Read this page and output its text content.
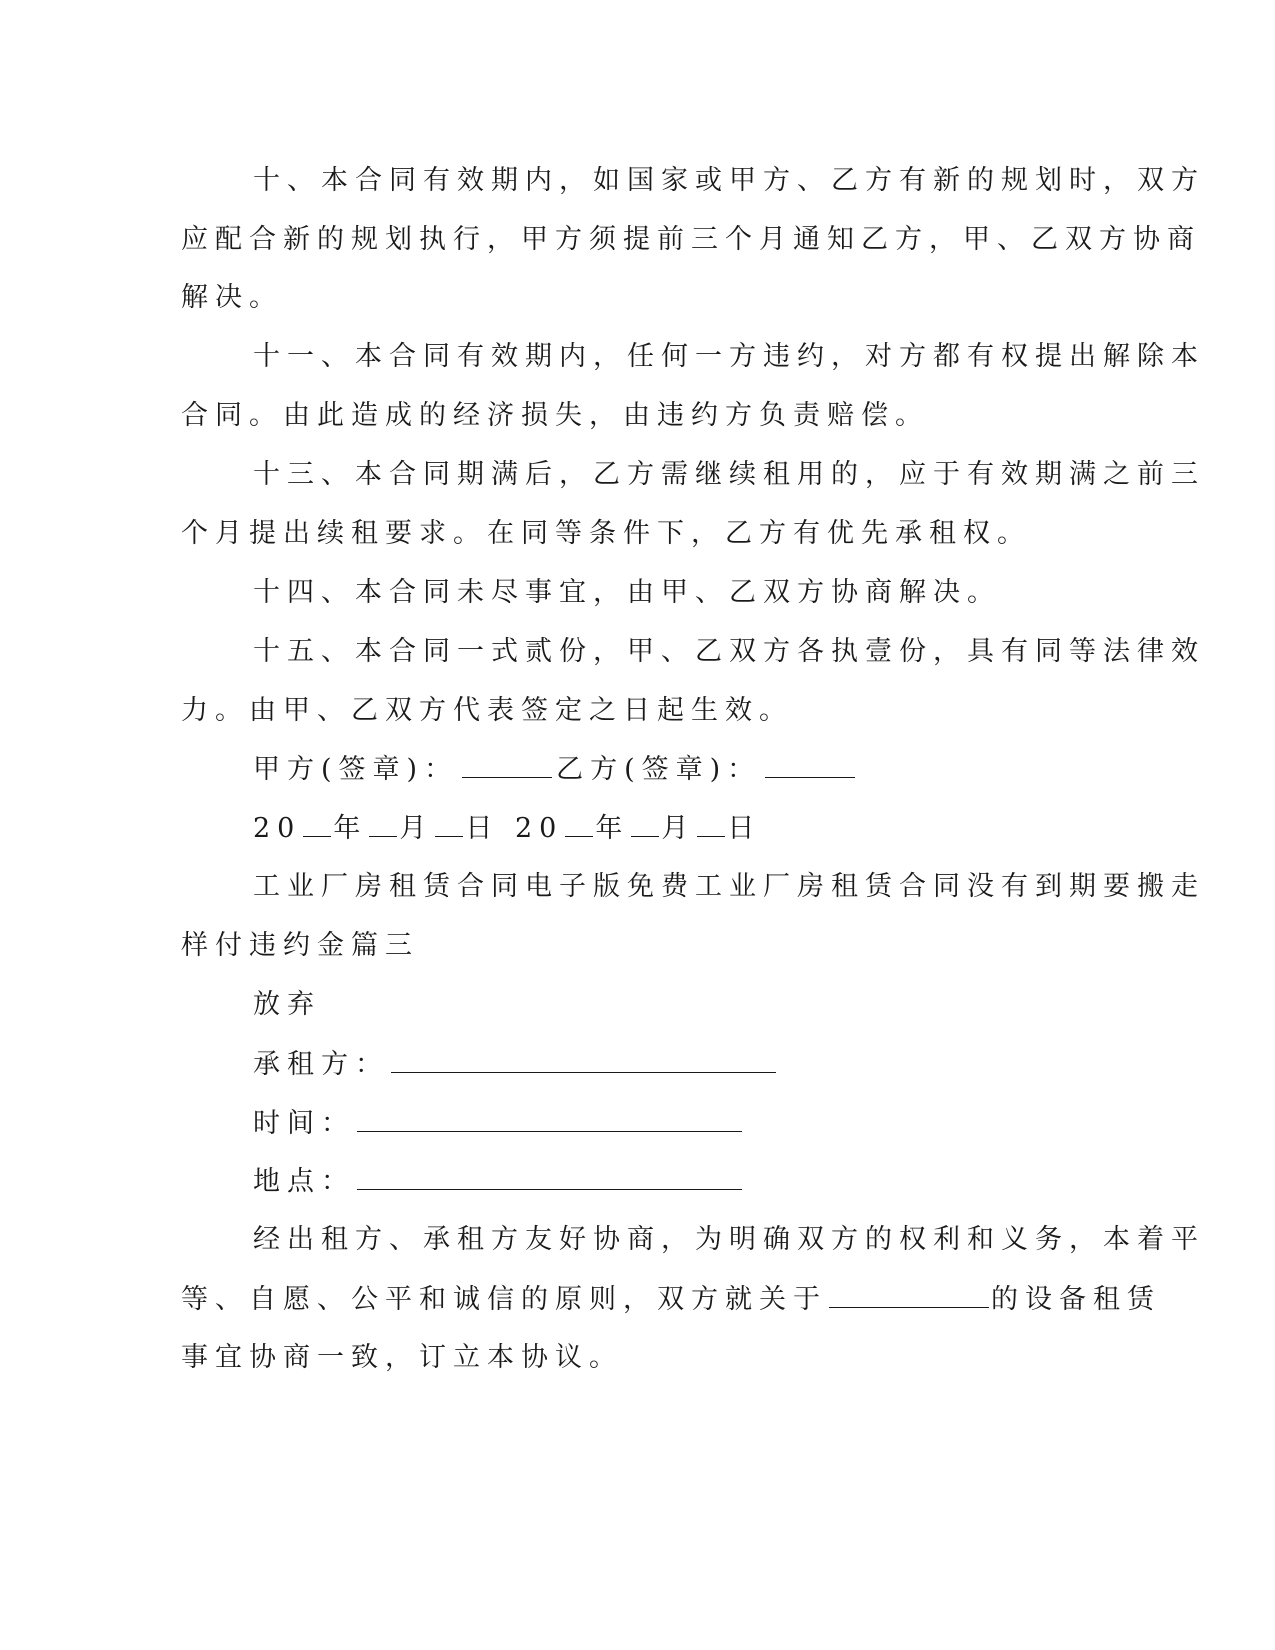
十、本合同有效期内，如国家或甲方、乙方有新的规划时，双方
应配合新的规划执行，甲方须提前三个月通知乙方，甲、乙双方协商
解决。
十一、本合同有效期内，任何一方违约，对方都有权提出解除本
合同。由此造成的经济损失，由违约方负责赔偿。
十三、本合同期满后，乙方需继续租用的，应于有效期满之前三
个月提出续租要求。在同等条件下，乙方有优先承租权。
十四、本合同未尽事宜，由甲、乙双方协商解决。
十五、本合同一式贰份，甲、乙双方各执壹份，具有同等法律效
力。由甲、乙双方代表签定之日起生效。
甲方(签章)：	乙方(签章)：
20 年 月 日 20 年 月 日
工业厂房租赁合同电子版免费工业厂房租赁合同没有到期要搬走
样付违约金篇三
放弃
承租方：
时间：
地点：
经出租方、承租方友好协商，为明确双方的权利和义务，本着平
等、自愿、公平和诚信的原则，双方就关于	的设备租赁
事宜协商一致，订立本协议。
